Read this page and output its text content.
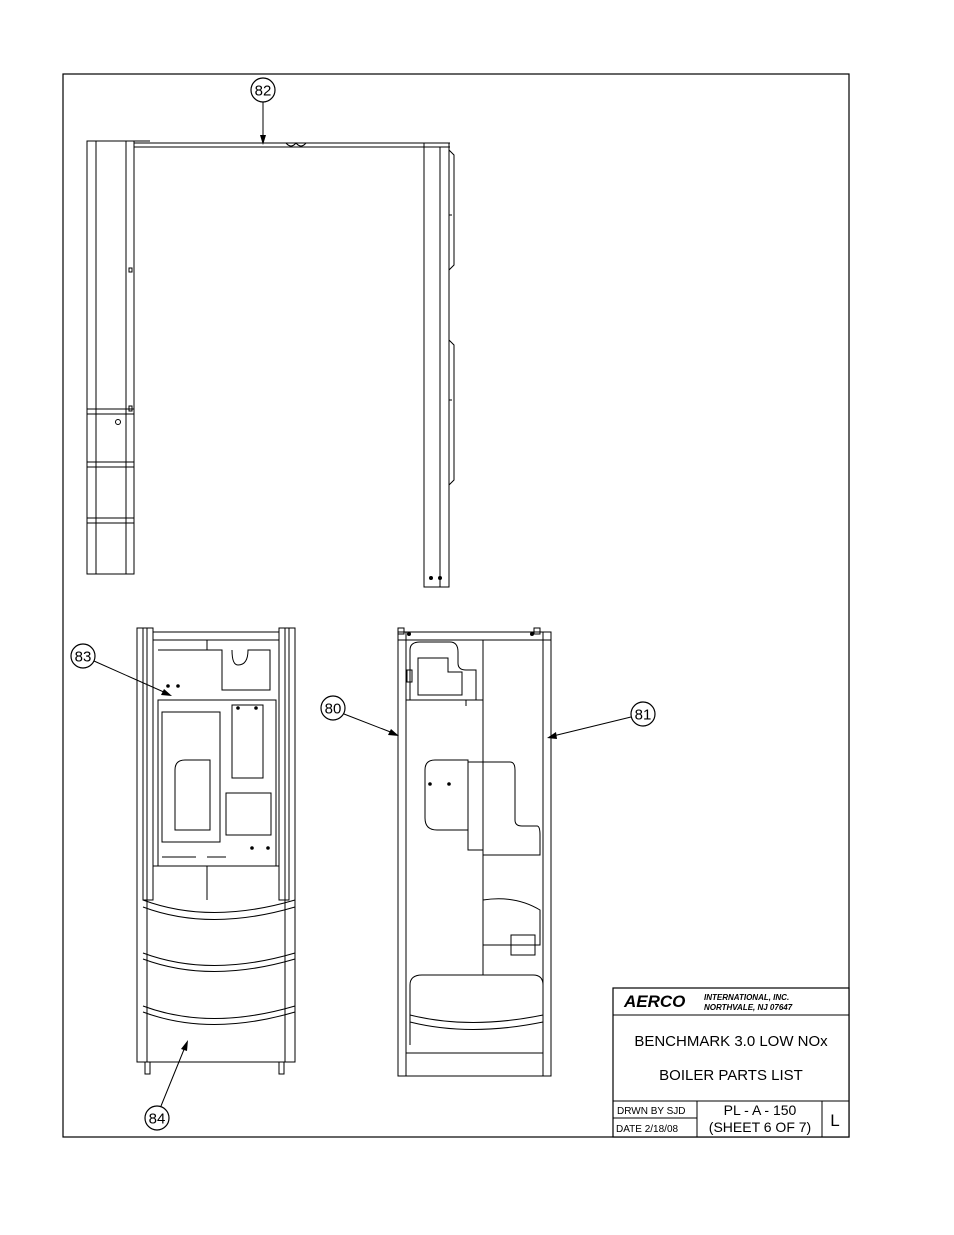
82
83
80	81
84
AERCO INTERNATIONAL, INC.
NORTHVALE, NJ 07647
BENCHMARK 3.0 LOW NOx
BOILER PARTS LIST
DRWN BY SJD
DATE 2/18/08
PL - A - 150
(SHEET 6 OF 7) L
